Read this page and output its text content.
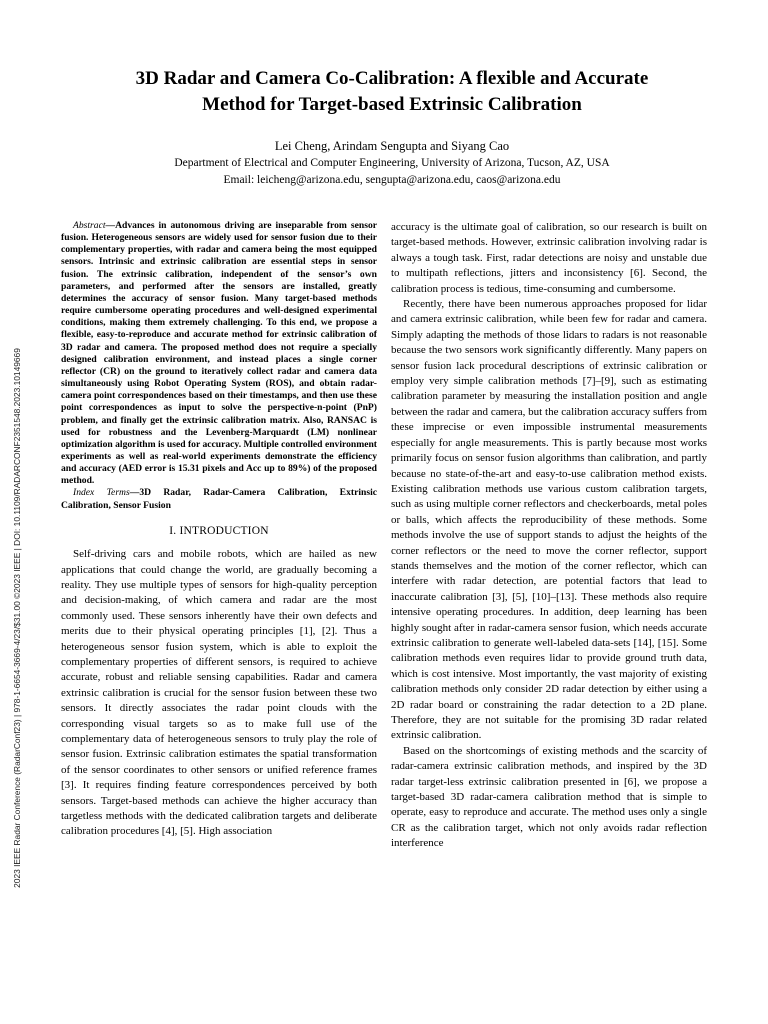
2023 IEEE Radar Conference (RadarConf23) | 978-1-6654-3669-4/23/$31.00 ©2023 IEEE | DOI: 10.1109/RADARCONF2351548.2023.10149669
3D Radar and Camera Co-Calibration: A flexible and Accurate
Method for Target-based Extrinsic Calibration
Lei Cheng, Arindam Sengupta and Siyang Cao
Department of Electrical and Computer Engineering, University of Arizona, Tucson, AZ, USA
Email: leicheng@arizona.edu, sengupta@arizona.edu, caos@arizona.edu

Abstract—Advances in autonomous driving are inseparable from sensor fusion. Heterogeneous sensors are widely used for sensor fusion due to their complementary properties, with radar and camera being the most equipped sensors. Intrinsic and extrinsic calibration are essential steps in sensor fusion. The extrinsic calibration, independent of the sensor’s own parameters, and performed after the sensors are installed, greatly determines the accuracy of sensor fusion. Many target-based methods require cumbersome operating procedures and well-designed experimental conditions, making them extremely challenging. To this end, we propose a flexible, easy-to-reproduce and accurate method for extrinsic calibration of 3D radar and camera. The proposed method does not require a specially designed calibration environment, and instead places a single corner reflector (CR) on the ground to iteratively collect radar and camera data simultaneously using Robot Operating System (ROS), and obtain radar-camera point correspondences based on their timestamps, and then use these point correspondences as input to solve the perspective-n-point (PnP) problem, and finally get the extrinsic calibration matrix. Also, RANSAC is used for robustness and the Levenberg-Marquardt (LM) nonlinear optimization algorithm is used for accuracy. Multiple controlled environment experiments as well as real-world experiments demonstrate the efficiency and accuracy (AED error is 15.31 pixels and Acc up to 89%) of the proposed method.

Index Terms—3D Radar, Radar-Camera Calibration, Extrinsic Calibration, Sensor Fusion

I. INTRODUCTION

Self-driving cars and mobile robots, which are hailed as new applications that could change the world, are gradually becoming a reality. They use multiple types of sensors for high-quality perception and decision-making, of which camera and radar are the most commonly used. These sensors inherently have their own defects and merits due to their physical operating principles [1], [2]. Thus a heterogeneous sensor fusion system, which is able to exploit the complementary properties of different sensors, is required to achieve accurate, robust and reliable sensing capabilities. Radar and camera extrinsic calibration is crucial for the sensor fusion between these two sensors. It directly associates the radar point clouds with the corresponding visual targets so as to make full use of the complementary data of heterogeneous sensors to truly play the role of sensor fusion. Extrinsic calibration estimates the spatial transformation of the sensor coordinates to other sensors or unified reference frames [3]. It requires finding feature correspondences perceived by both sensors. Target-based methods can achieve the higher accuracy than targetless methods with the dedicated calibration targets and deliberate calibration procedures [4], [5]. High association

accuracy is the ultimate goal of calibration, so our research is built on target-based methods. However, extrinsic calibration involving radar is always a tough task. First, radar detections are noisy and unstable due to multipath reflections, jitters and inconsistency [6]. Second, the calibration process is tedious, time-consuming and cumbersome.

Recently, there have been numerous approaches proposed for lidar and camera extrinsic calibration, while been few for radar and camera. Simply adapting the methods of those lidars to radars is not reasonable because the two sensors work significantly differently. Many papers on sensor fusion lack procedural descriptions of extrinsic calibration or employ very simple calibration methods [7]–[9], such as estimating calibration parameter by measuring the installation position and angle between the radar and camera, but the calibration accuracy suffers from these imprecise or even impossible instrumental measurements especially for angle measurements. This is partly because most works primarily focus on sensor fusion algorithms than calibration, and partly because no state-of-the-art and easy-to-use calibration method exists. Existing calibration methods use various custom calibration targets, such as using multiple corner reflectors and checkerboards, metal poles or balls, which affects the reproducibility of these methods. Some methods involve the use of support stands to adjust the heights of the corner reflectors or the need to move the corner reflector, support stands themselves and the motion of the corner reflector, which can interfere with radar detection, are potential factors that lead to inaccurate calibration [3], [5], [10]–[13]. These methods also require intensive operating procedures. In addition, deep learning has been highly sought after in radar-camera sensor fusion, which needs accurate extrinsic calibration to generate well-labeled data-sets [14], [15]. Some calibration methods even requires lidar to provide ground truth data, which is cost intensive. Most importantly, the vast majority of existing calibration methods only consider 2D radar detection by either using a 2D radar board or constraining the radar detection to a 2D plane. Therefore, they are not suitable for the promising 3D radar related extrinsic calibration.

Based on the shortcomings of existing methods and the scarcity of radar-camera extrinsic calibration methods, and inspired by the 3D radar target-less extrinsic calibration presented in [6], we propose a target-based 3D radar-camera calibration method that is simple to operate, easy to reproduce and accurate. The method uses only a single CR as the calibration target, which not only avoids radar reflection interference
